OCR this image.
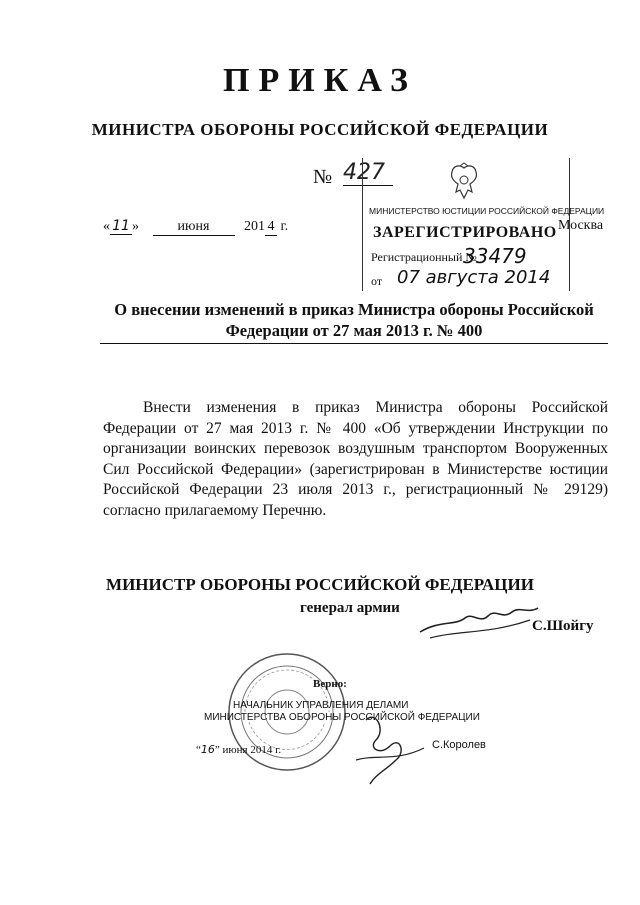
ПРИКАЗ
МИНИСТРА ОБОРОНЫ РОССИЙСКОЙ ФЕДЕРАЦИИ
№ 427
« 11 »	июня 201 4 г.	Москва
МИНИСТЕРСТВО ЮСТИЦИИ РОССИЙСКОЙ ФЕДЕРАЦИИ
ЗАРЕГИСТРИРОВАНО
Регистрационный №
33479
от 07 августа 2014
О внесении изменений в приказ Министра обороны Российской Федерации от 27 мая 2013 г. № 400
Внести изменения в приказ Министра обороны Российской Федерации от 27 мая 2013 г. № 400 «Об утверждении Инструкции по организации воинских перевозок воздушным транспортом Вооруженных Сил Российской Федерации» (зарегистрирован в Министерстве юстиции Российской Федерации 23 июля 2013 г., регистрационный № 29129) согласно прилагаемому Перечню.
МИНИСТР ОБОРОНЫ РОССИЙСКОЙ ФЕДЕРАЦИИ
генерал армии
С.Шойгу
Верно:
НАЧАЛЬНИК УПРАВЛЕНИЯ ДЕЛАМИ
МИНИСТЕРСТВА ОБОРОНЫ РОССИЙСКОЙ ФЕДЕРАЦИИ
“16” июня 2014 г.	С.Королев
